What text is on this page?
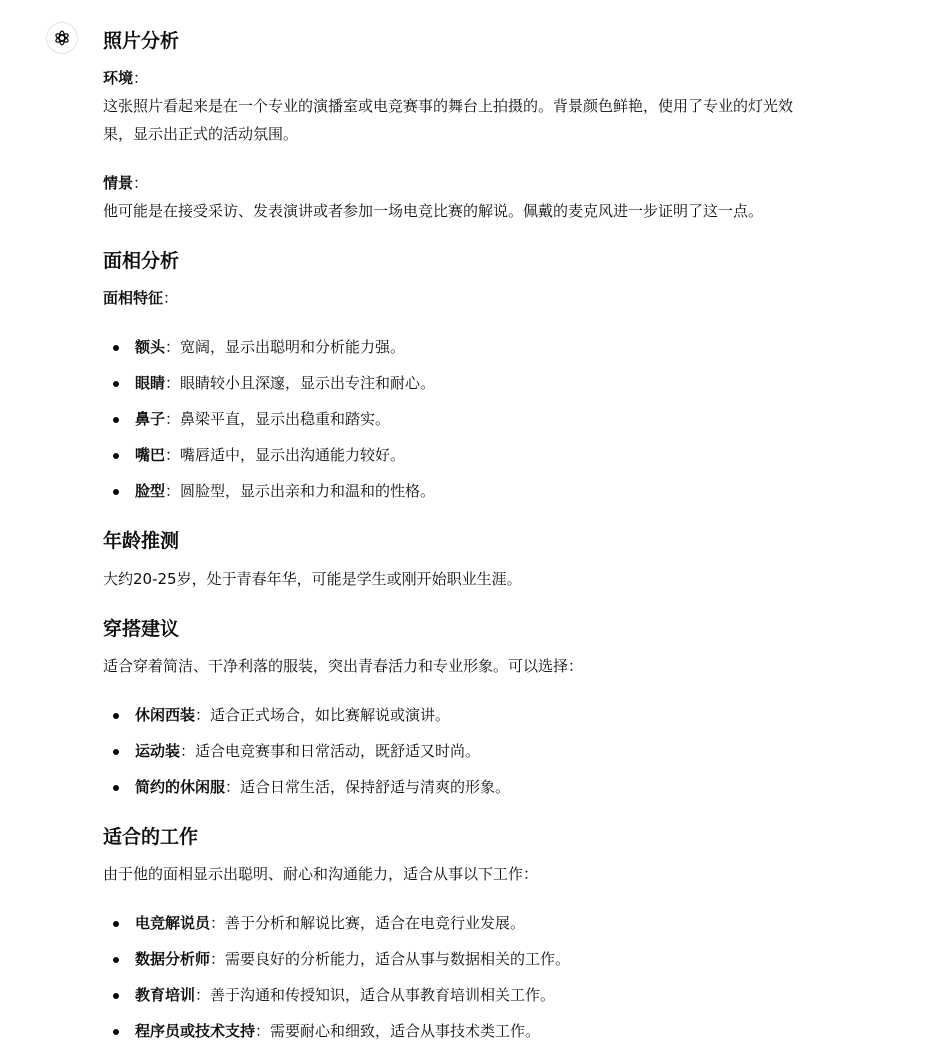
照片分析

环境：

这张照片看起来是在一个专业的演播室或电竞赛事的舞台上拍摄的。背景颜色鲜艳，使用了专业的灯光效果，显示出正式的活动氛围。

情景：

他可能是在接受采访、发表演讲或者参加一场电竞比赛的解说。佩戴的麦克风进一步证明了这一点。

面相分析

面相特征：

额头：宽阔，显示出聪明和分析能力强。
眼睛：眼睛较小且深邃，显示出专注和耐心。
鼻子：鼻梁平直，显示出稳重和踏实。
嘴巴：嘴唇适中，显示出沟通能力较好。
脸型：圆脸型，显示出亲和力和温和的性格。
年龄推测

大约20-25岁，处于青春年华，可能是学生或刚开始职业生涯。

穿搭建议

适合穿着简洁、干净利落的服装，突出青春活力和专业形象。可以选择：

休闲西装：适合正式场合，如比赛解说或演讲。
运动装：适合电竞赛事和日常活动，既舒适又时尚。
简约的休闲服：适合日常生活，保持舒适与清爽的形象。
适合的工作

由于他的面相显示出聪明、耐心和沟通能力，适合从事以下工作：

电竞解说员：善于分析和解说比赛，适合在电竞行业发展。
数据分析师：需要良好的分析能力，适合从事与数据相关的工作。
教育培训：善于沟通和传授知识，适合从事教育培训相关工作。
程序员或技术支持：需要耐心和细致，适合从事技术类工作。
